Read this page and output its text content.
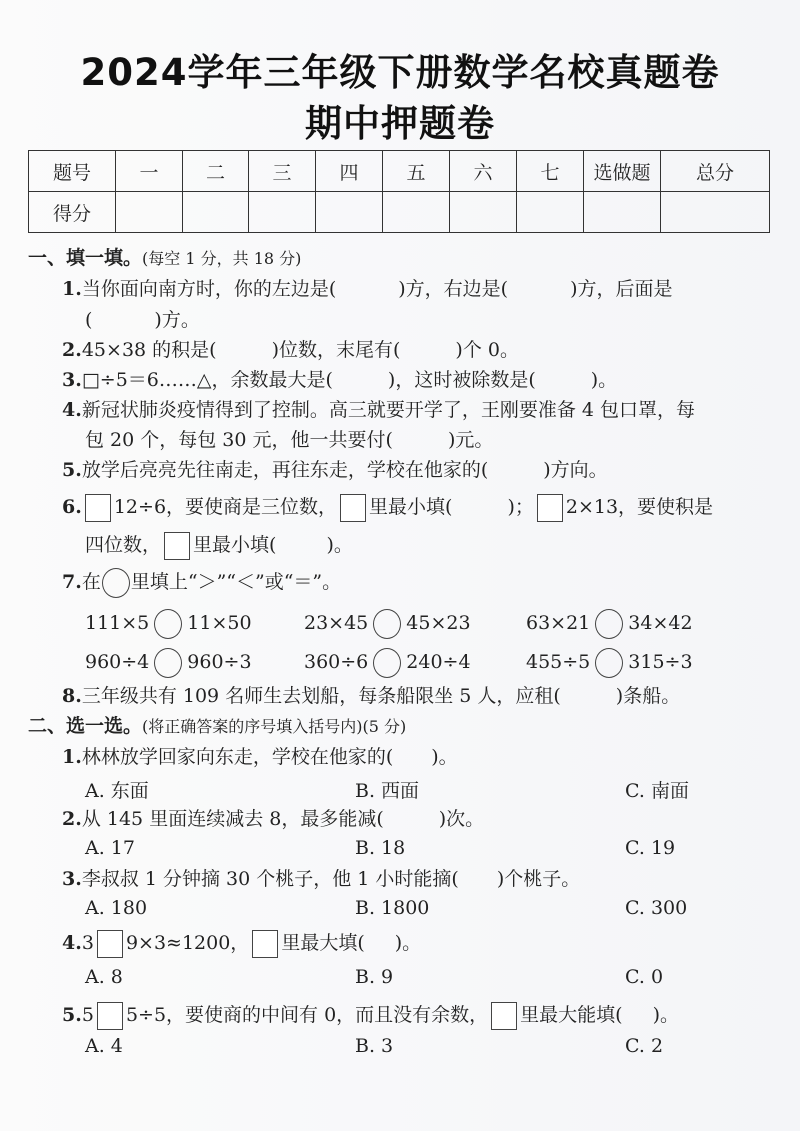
2024学年三年级下册数学名校真题卷
期中押题卷
题号	一	二	三	四	五	六	七	选做题	总分
得分									
一、填一填。(每空 1 分，共 18 分)
1.当你面向南方时，你的左边是(	)方，右边是(	)方，后面是
(	)方。
2.45×38 的积是(	)位数，末尾有(	)个 0。
3.□÷5＝6……△，余数最大是(	)，这时被除数是(	)。
4.新冠状肺炎疫情得到了控制。高三就要开学了，王刚要准备 4 包口罩，每
包 20 个，每包 30 元，他一共要付(	)元。
5.放学后亮亮先往南走，再往东走，学校在他家的(	)方向。
6. 12÷6，要使商是三位数， 里最小填(	)； 2×13，要使积是
四位数， 里最小填(	)。
7.在 里填上“＞”“＜”或“＝”。
111×5 11×50	23×45 45×23	63×21 34×42
960÷4 960÷3	360÷6 240÷4	455÷5 315÷3
8.三年级共有 109 名师生去划船，每条船限坐 5 人，应租(	)条船。
二、选一选。(将正确答案的序号填入括号内)(5 分)
1.林林放学回家向东走，学校在他家的( )。
A. 东面	B. 西面	C. 南面
2.从 145 里面连续减去 8，最多能减(	)次。
A. 17	B. 18	C. 19
3.李叔叔 1 分钟摘 30 个桃子，他 1 小时能摘( )个桃子。
A. 180	B. 1800	C. 300
4.3 9×3≈1200， 里最大填( )。
A. 8	B. 9	C. 0
5.5 5÷5，要使商的中间有 0，而且没有余数， 里最大能填( )。
A. 4	B. 3	C. 2
